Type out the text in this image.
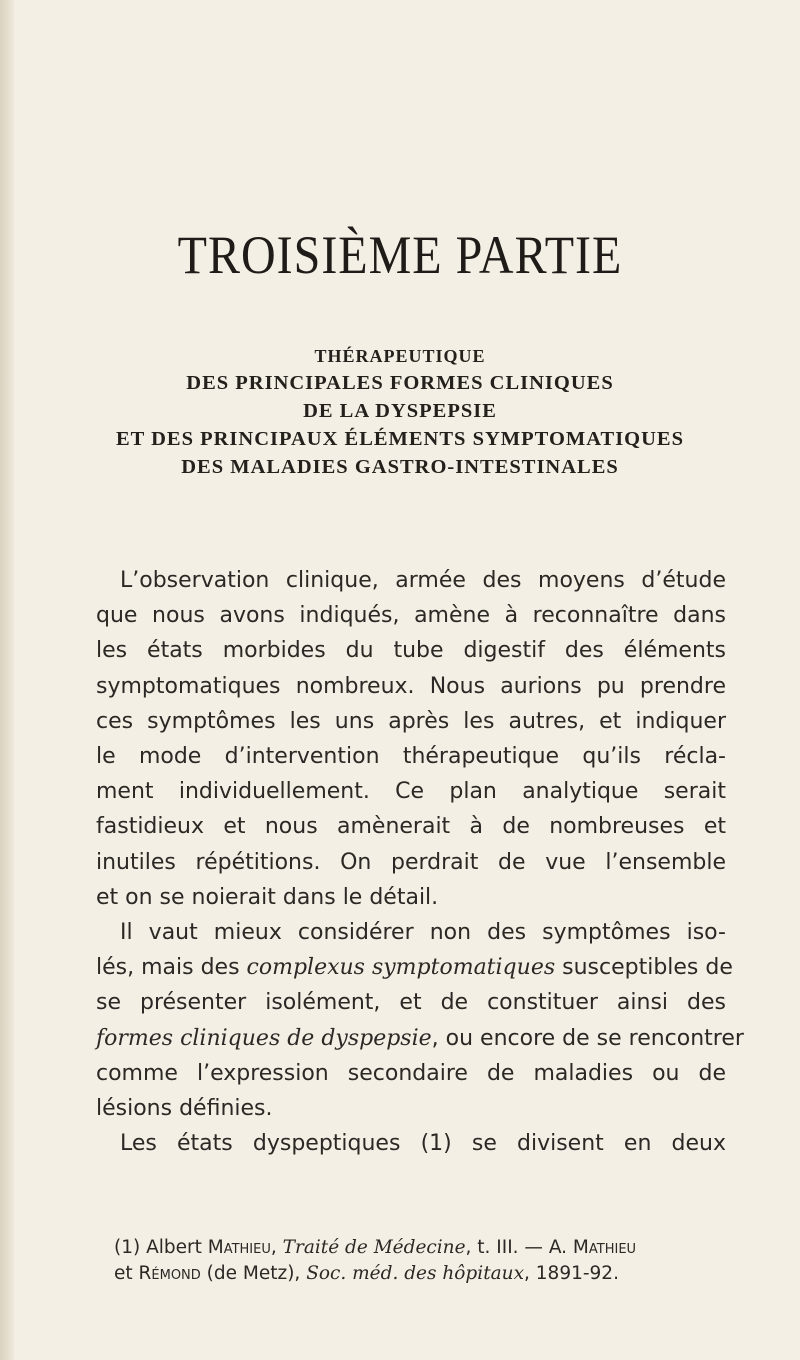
TROISIÈME PARTIE
THÉRAPEUTIQUE
DES PRINCIPALES FORMES CLINIQUES
DE LA DYSPEPSIE
ET DES PRINCIPAUX ÉLÉMENTS SYMPTOMATIQUES
DES MALADIES GASTRO-INTESTINALES
L’observation clinique, armée des moyens d’étude
que nous avons indiqués, amène à reconnaître dans
les états morbides du tube digestif des éléments
symptomatiques nombreux. Nous aurions pu prendre
ces symptômes les uns après les autres, et indiquer
le mode d’intervention thérapeutique qu’ils récla-
ment individuellement. Ce plan analytique serait
fastidieux et nous amènerait à de nombreuses et
inutiles répétitions. On perdrait de vue l’ensemble
et on se noierait dans le détail.
Il vaut mieux considérer non des symptômes iso-
lés, mais des complexus symptomatiques susceptibles de
se présenter isolément, et de constituer ainsi des
formes cliniques de dyspepsie, ou encore de se rencontrer
comme l’expression secondaire de maladies ou de
lésions définies.
Les états dyspeptiques (1) se divisent en deux
(1) Albert Mathieu, Traité de Médecine, t. III. — A. Mathieu
et Rémond (de Metz), Soc. méd. des hôpitaux, 1891-92.
